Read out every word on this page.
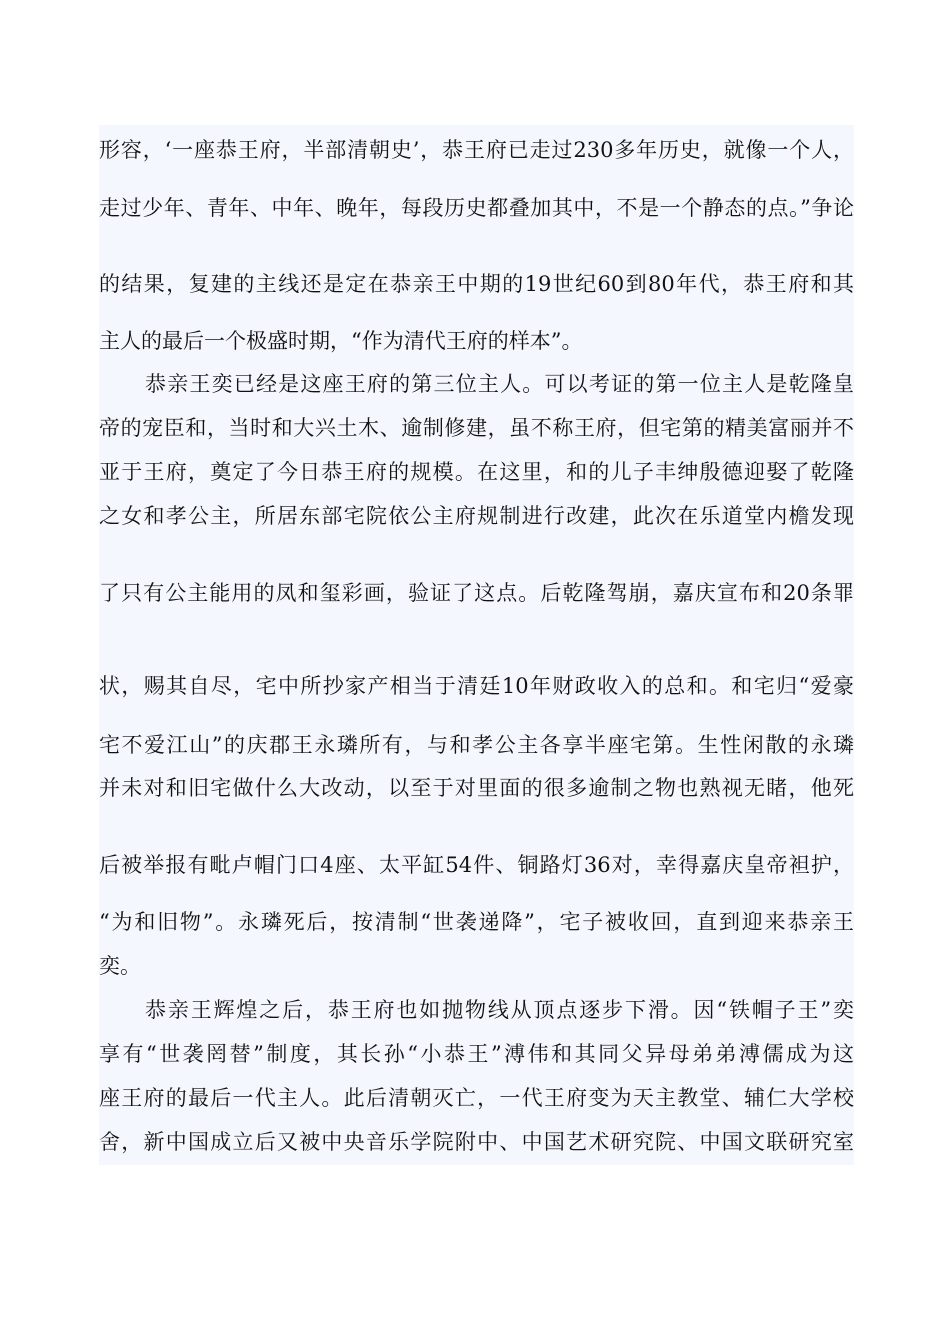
形容，‘一座恭王府，半部清朝史’，恭王府已走过230多年历史，就像一个人，
走过少年、青年、中年、晚年，每段历史都叠加其中，不是一个静态的点。”争论
的结果，复建的主线还是定在恭亲王中期的19世纪60到80年代，恭王府和其
主人的最后一个极盛时期，“作为清代王府的样本”。
恭亲王奕已经是这座王府的第三位主人。可以考证的第一位主人是乾隆皇
帝的宠臣和，当时和大兴土木、逾制修建，虽不称王府，但宅第的精美富丽并不
亚于王府，奠定了今日恭王府的规模。在这里，和的儿子丰绅殷德迎娶了乾隆
之女和孝公主，所居东部宅院依公主府规制进行改建，此次在乐道堂内檐发现
了只有公主能用的凤和玺彩画，验证了这点。后乾隆驾崩，嘉庆宣布和20条罪
状，赐其自尽，宅中所抄家产相当于清廷10年财政收入的总和。和宅归“爱豪
宅不爱江山”的庆郡王永璘所有，与和孝公主各享半座宅第。生性闲散的永璘
并未对和旧宅做什么大改动，以至于对里面的很多逾制之物也熟视无睹，他死
后被举报有毗卢帽门口4座、太平缸54件、铜路灯36对，幸得嘉庆皇帝袒护，
“为和旧物”。永璘死后，按清制“世袭递降”，宅子被收回，直到迎来恭亲王
奕。
恭亲王辉煌之后，恭王府也如抛物线从顶点逐步下滑。因“铁帽子王”奕
享有“世袭罔替”制度，其长孙“小恭王”溥伟和其同父异母弟弟溥儒成为这
座王府的最后一代主人。此后清朝灭亡，一代王府变为天主教堂、辅仁大学校
舍，新中国成立后又被中央音乐学院附中、中国艺术研究院、中国文联研究室
